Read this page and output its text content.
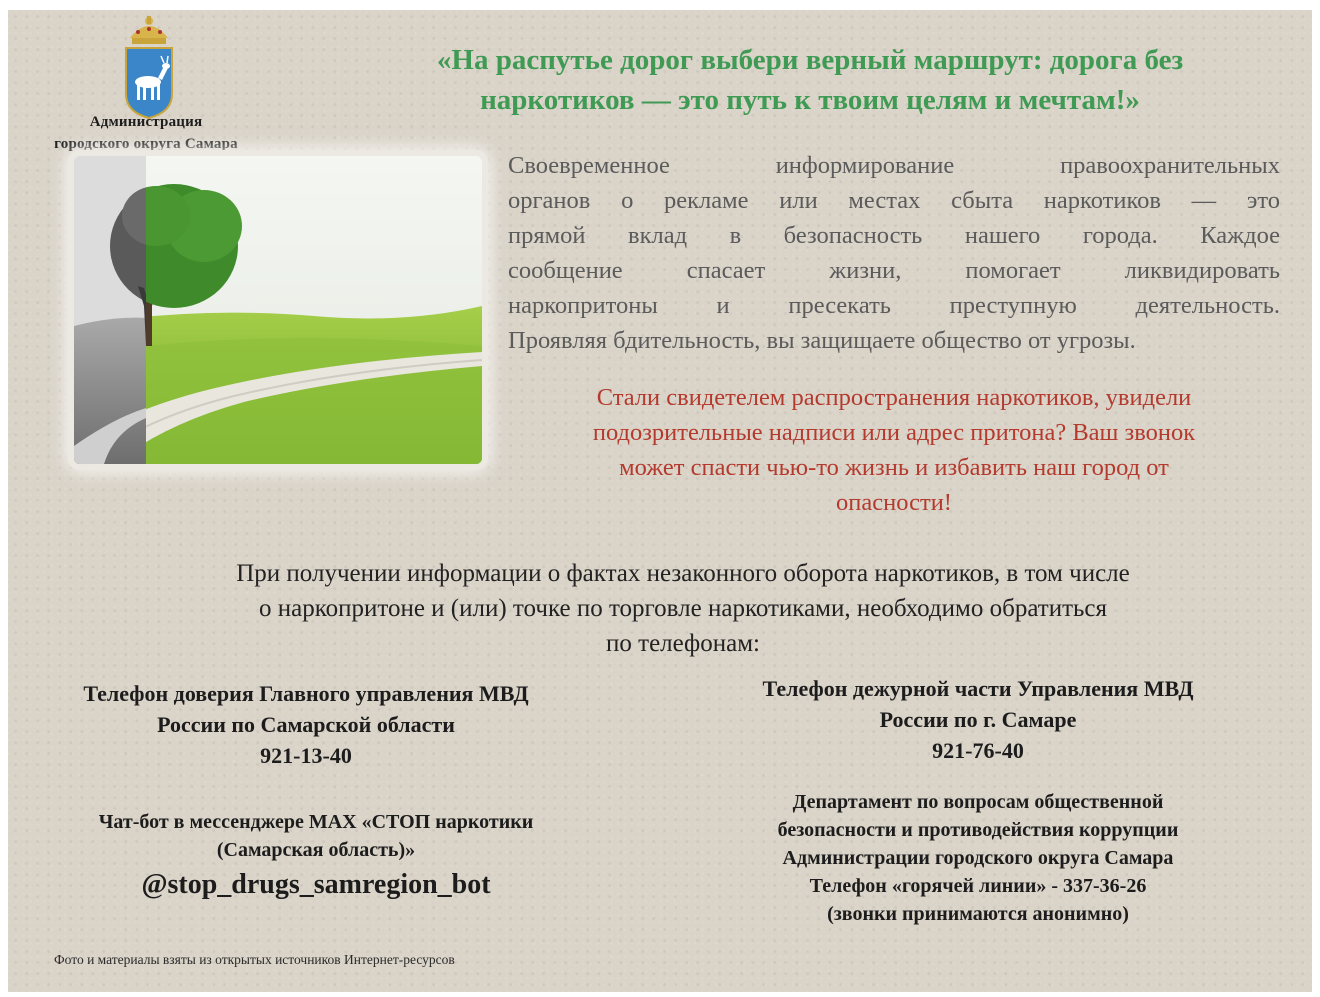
Администрация
городского округа Самара
«На распутье дорог выбери верный маршрут: дорога без
наркотиков — это путь к твоим целям и мечтам!»
Своевременное информирование правоохранительных
органов о рекламе или местах сбыта наркотиков — это
прямой вклад в безопасность нашего города. Каждое
сообщение спасает жизни, помогает ликвидировать
наркопритоны и пресекать преступную деятельность.
Проявляя бдительность, вы защищаете общество от угрозы.
Стали свидетелем распространения наркотиков, увидели
подозрительные надписи или адрес притона? Ваш звонок
может спасти чью-то жизнь и избавить наш город от
опасности!
При получении информации о фактах незаконного оборота наркотиков, в том числе
о наркопритоне и (или) точке по торговле наркотиками, необходимо обратиться
по телефонам:
Телефон доверия Главного управления МВД
России по Самарской области
921-13-40
Телефон дежурной части Управления МВД
России по г. Самаре
921-76-40
Чат-бот в мессенджере MAX «СТОП наркотики
(Самарская область)»
@stop_drugs_samregion_bot
Департамент по вопросам общественной
безопасности и противодействия коррупции
Администрации городского округа Самара
Телефон «горячей линии» - 337-36-26
(звонки принимаются анонимно)
Фото и материалы взяты из открытых источников Интернет-ресурсов
